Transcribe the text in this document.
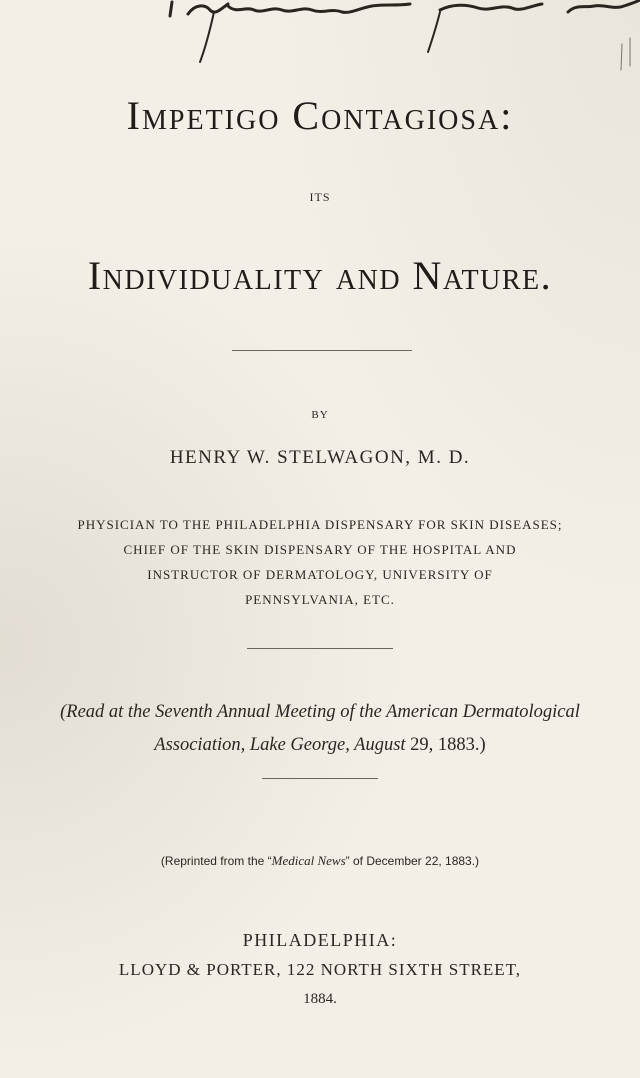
Impetigo Contagiosa:
ITS
Individuality and Nature.
BY
HENRY W. STELWAGON, M. D.
PHYSICIAN TO THE PHILADELPHIA DISPENSARY FOR SKIN DISEASES;
CHIEF OF THE SKIN DISPENSARY OF THE HOSPITAL AND
INSTRUCTOR OF DERMATOLOGY, UNIVERSITY OF
PENNSYLVANIA, ETC.
(Read at the Seventh Annual Meeting of the American Dermatological
Association, Lake George, August 29, 1883.)
(Reprinted from the “Medical News” of December 22, 1883.)
PHILADELPHIA:
LLOYD & PORTER, 122 NORTH SIXTH STREET,
1884.
